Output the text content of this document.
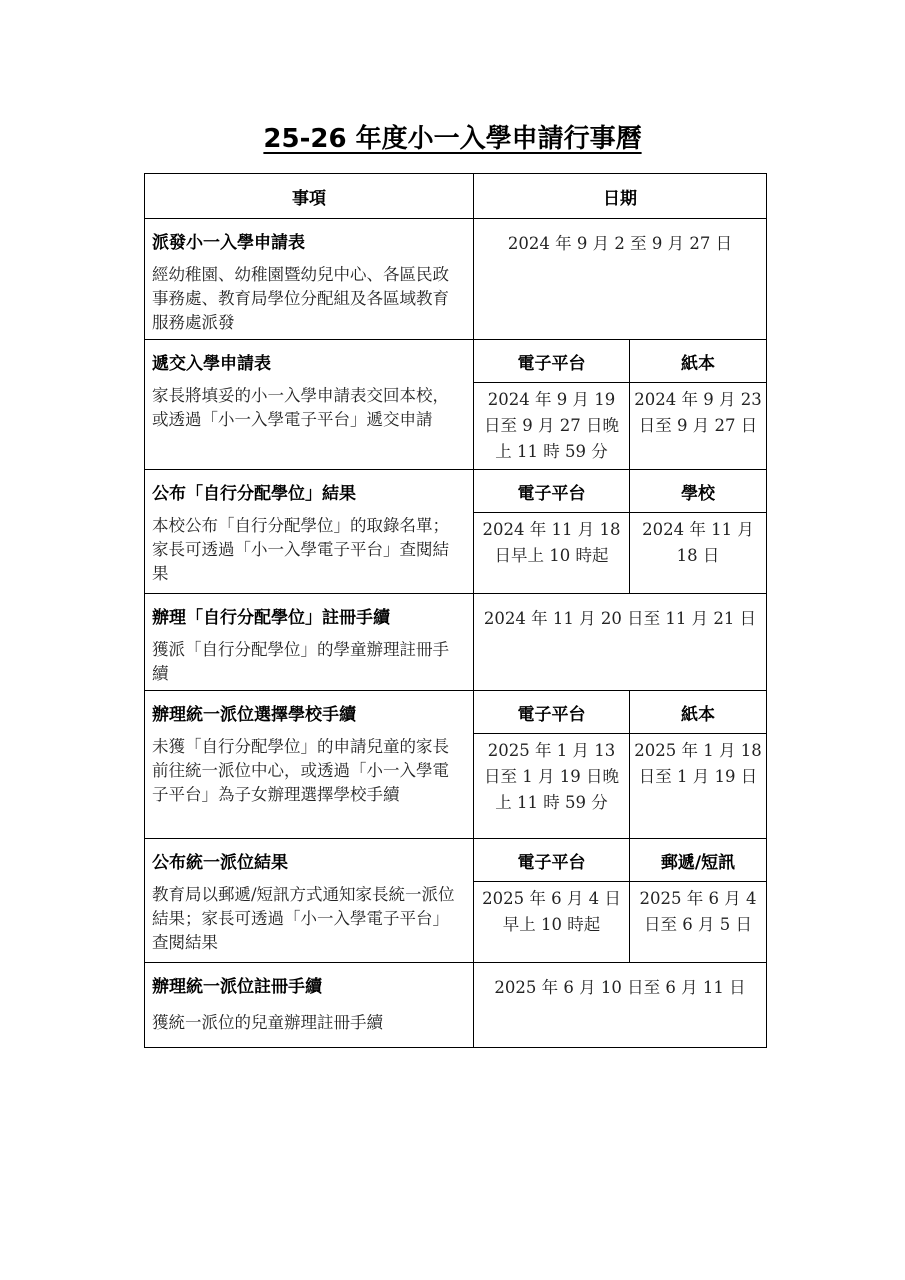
25-26 年度小一入學申請行事曆
事項	日期	

派發小一入學申請表
經幼稚園、幼稚園暨幼兒中心、各區民政事務處、教育局學位分配組及各區域教育服務處派發	2024 年 9 月 2 至 9 月 27 日	

遞交入學申請表
家長將填妥的小一入學申請表交回本校，或透過「小一入學電子平台」遞交申請	電子平台	紙本
	2024 年 9 月 19 日至 9 月 27 日晚上 11 時 59 分	2024 年 9 月 23 日至 9 月 27 日

公布「自行分配學位」結果
本校公布「自行分配學位」的取錄名單；家長可透過「小一入學電子平台」查閱結果	電子平台	學校
	2024 年 11 月 18 日早上 10 時起	2024 年 11 月 18 日

辦理「自行分配學位」註冊手續
獲派「自行分配學位」的學童辦理註冊手續	2024 年 11 月 20 日至 11 月 21 日	

辦理統一派位選擇學校手續
未獲「自行分配學位」的申請兒童的家長前往統一派位中心，或透過「小一入學電子平台」為子女辦理選擇學校手續	電子平台	紙本
	2025 年 1 月 13 日至 1 月 19 日晚上 11 時 59 分	2025 年 1 月 18 日至 1 月 19 日

公布統一派位結果
教育局以郵遞/短訊方式通知家長統一派位結果；家長可透過「小一入學電子平台」查閱結果	電子平台	郵遞/短訊
	2025 年 6 月 4 日早上 10 時起	2025 年 6 月 4 日至 6 月 5 日

辦理統一派位註冊手續
獲統一派位的兒童辦理註冊手續	2025 年 6 月 10 日至 6 月 11 日	
